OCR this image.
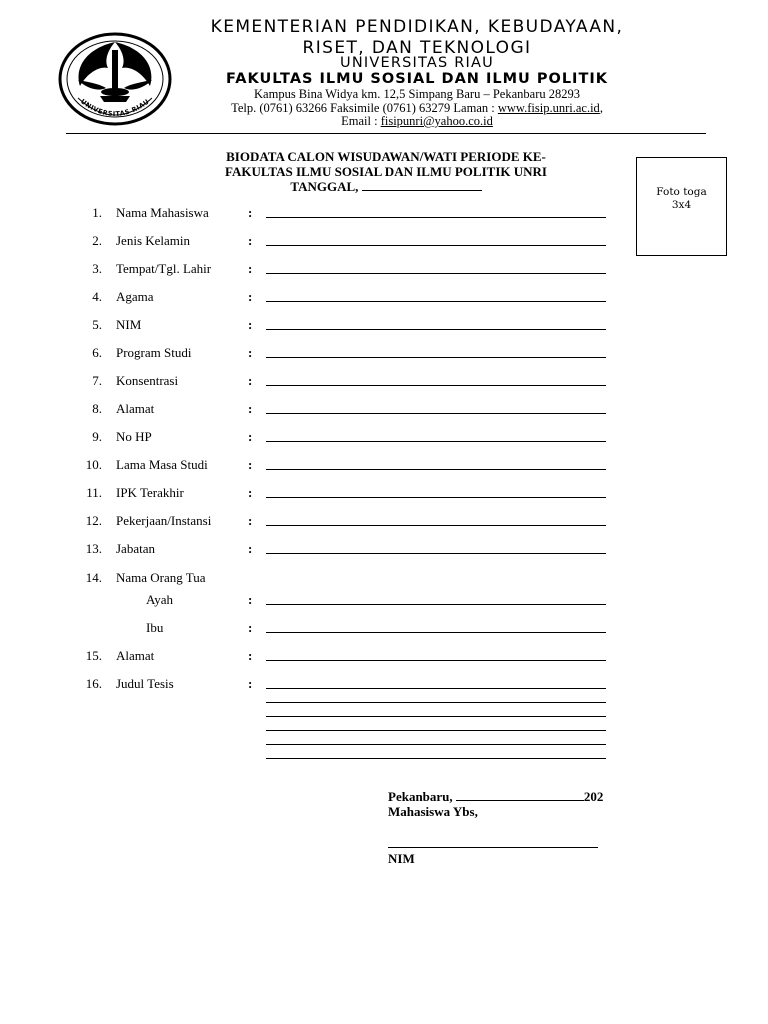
UNIVERSITAS RIAU
KEMENTERIAN PENDIDIKAN, KEBUDAYAAN,
RISET, DAN TEKNOLOGI
UNIVERSITAS RIAU
FAKULTAS ILMU SOSIAL DAN ILMU POLITIK
Kampus Bina Widya km. 12,5 Simpang Baru – Pekanbaru 28293
Telp. (0761) 63266 Faksimile (0761) 63279 Laman : www.fisip.unri.ac.id,
Email : fisipunri@yahoo.co.id
BIODATA CALON WISUDAWAN/WATI PERIODE KE-
FAKULTAS ILMU SOSIAL DAN ILMU POLITIK UNRI
TANGGAL,	Foto toga
3x4
1. Nama Mahasiswa	:
2. Jenis Kelamin	:
3. Tempat/Tgl. Lahir	:
4. Agama	:
5. NIM	:
6. Program Studi	:
7. Konsentrasi	:
8. Alamat	:
9. No HP	:
10. Lama Masa Studi	:
11. IPK Terakhir	:
12. Pekerjaan/Instansi	:
13. Jabatan	:
14. Nama Orang Tua
Ayah	:
Ibu	:
15. Alamat	:
16. Judul Tesis	:
Pekanbaru,	202
Mahasiswa Ybs,
NIM
